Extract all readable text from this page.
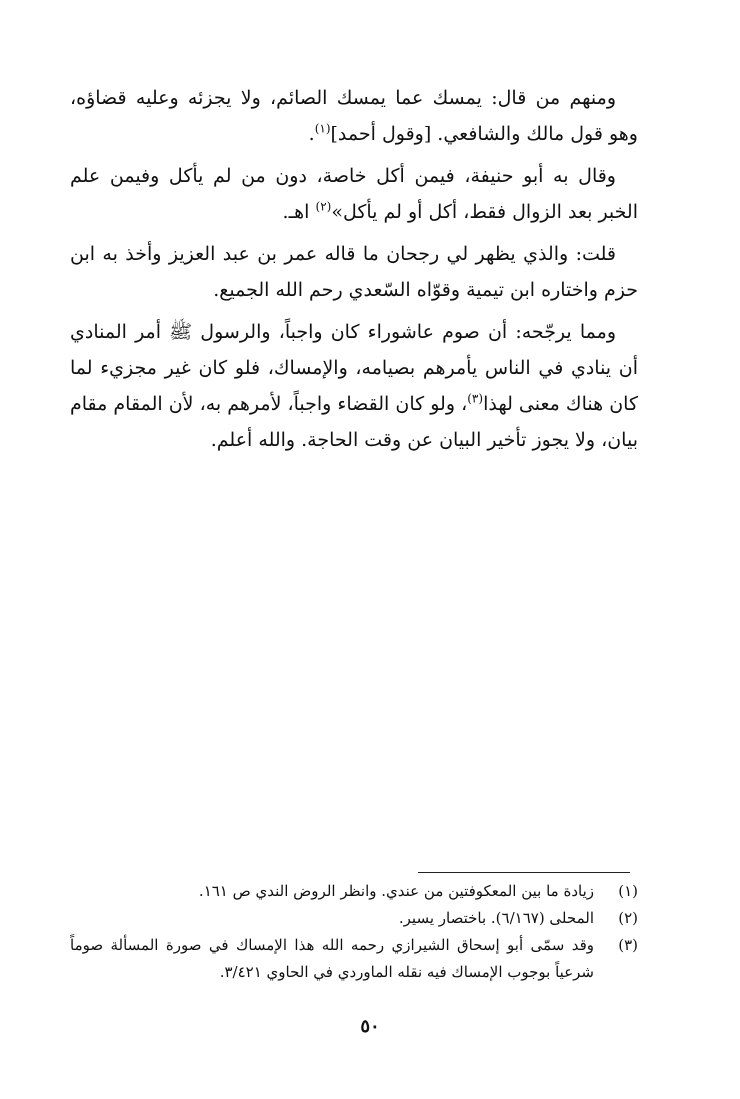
ومنهم من قال: يمسك عما يمسك الصائم، ولا يجزئه وعليه قضاؤه، وهو قول مالك والشافعي. [وقول أحمد]$^{(١)}$.

وقال به أبو حنيفة، فيمن أكل خاصة، دون من لم يأكل وفيمن علم الخبر بعد الزوال فقط، أكل أو لم يأكل»$^{(٢)}$ اهـ.

قلت: والذي يظهر لي رجحان ما قاله عمر بن عبد العزيز وأخذ به ابن حزم واختاره ابن تيمية وقوّاه السّعدي رحم الله الجميع.

ومما يرجّحه: أن صوم عاشوراء كان واجباً، والرسول ﷺ أمر المنادي أن ينادي في الناس يأمرهم بصيامه، والإمساك، فلو كان غير مجزيء لما كان هناك معنى لهذا$^{(٣)}$، ولو كان القضاء واجباً، لأمرهم به، لأن المقام مقام بيان، ولا يجوز تأخير البيان عن وقت الحاجة. والله أعلم.

(١)
زيادة ما بين المعكوفتين من عندي. وانظر الروض الندي ص ١٦١.
(٢)
المحلى (٦/١٦٧). باختصار يسير.
(٣)
وقد سمّى أبو إسحاق الشيرازي رحمه الله هذا الإمساك في صورة المسألة صوماً شرعياً بوجوب الإمساك فيه نقله الماوردي في الحاوي ٣/٤٢١.
٥٠
